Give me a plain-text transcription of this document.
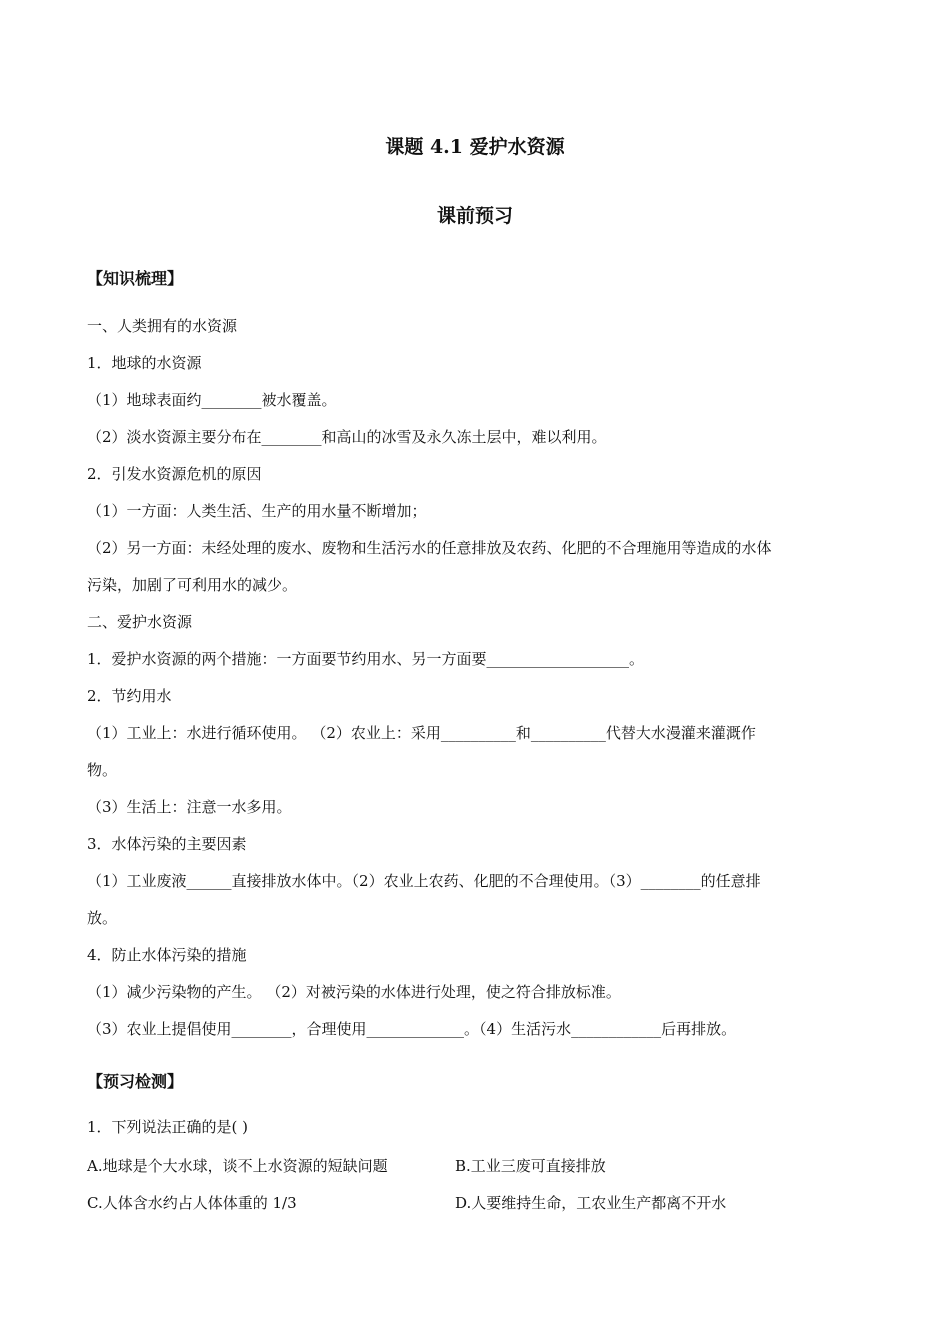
课题 4.1 爱护水资源
课前预习
【知识梳理】
一、人类拥有的水资源
1．地球的水资源
（1）地球表面约________被水覆盖。
（2）淡水资源主要分布在________和高山的冰雪及永久冻土层中，难以利用。
2．引发水资源危机的原因
（1）一方面：人类生活、生产的用水量不断增加；
（2）另一方面：未经处理的废水、废物和生活污水的任意排放及农药、化肥的不合理施用等造成的水体
污染，加剧了可利用水的减少。
二、爱护水资源
1．爱护水资源的两个措施：一方面要节约用水、另一方面要___________________。
2．节约用水
（1）工业上：水进行循环使用。 （2）农业上：采用__________和__________代替大水漫灌来灌溉作
物。
（3）生活上：注意一水多用。
3．水体污染的主要因素
（1）工业废液______直接排放水体中。（2）农业上农药、化肥的不合理使用。（3）________的任意排
放。
4．防止水体污染的措施
（1）减少污染物的产生。 （2）对被污染的水体进行处理，使之符合排放标准。
（3）农业上提倡使用________，合理使用_____________。（4）生活污水____________后再排放。
【预习检测】
1．下列说法正确的是( )
A.地球是个大水球，谈不上水资源的短缺问题	B.工业三废可直接排放
C.人体含水约占人体体重的 1/3	D.人要维持生命，工农业生产都离不开水
